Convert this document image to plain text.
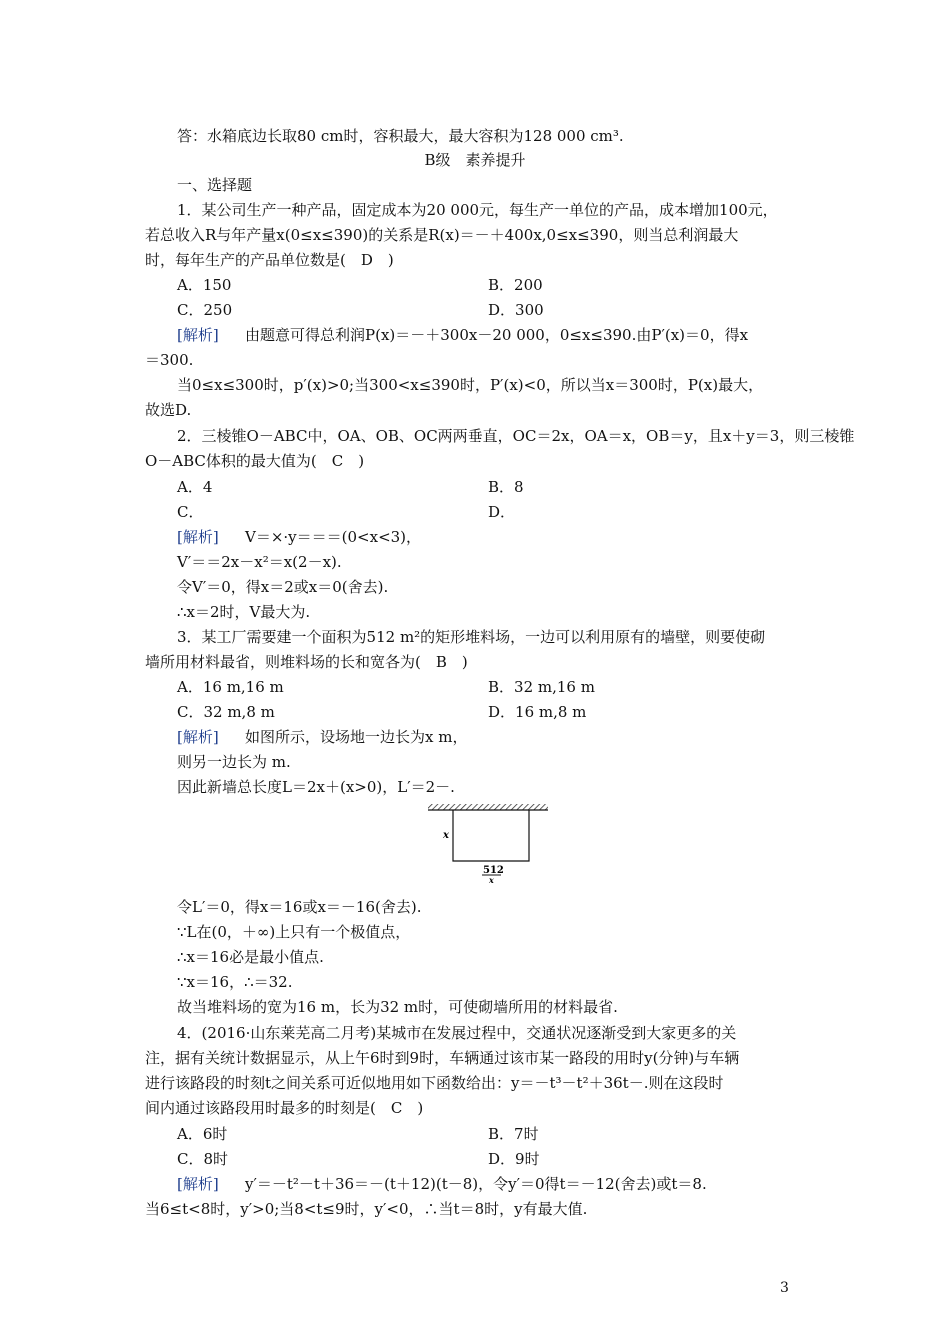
答：水箱底边长取80 cm时，容积最大，最大容积为128 000 cm³.
B级　素养提升
一、选择题
1．某公司生产一种产品，固定成本为20 000元，每生产一单位的产品，成本增加100元，
若总收入R与年产量x(0≤x≤390)的关系是R(x)＝－＋400x,0≤x≤390，则当总利润最大
时，每年生产的产品单位数是(　D　)
A．150	B．200
C．250	D．300
[解析] 由题意可得总利润P(x)＝－＋300x－20 000，0≤x≤390.由P′(x)＝0，得x
＝300.
当0≤x≤300时，p′(x)>0;当300<x≤390时，P′(x)<0，所以当x＝300时，P(x)最大，
故选D.
2．三棱锥O－ABC中，OA、OB、OC两两垂直，OC＝2x，OA＝x，OB＝y，且x＋y＝3，则三棱锥
O－ABC体积的最大值为(　C　)
A．4	B．8
C．	D．
[解析] V＝×·y＝＝＝(0<x<3)，
V′＝＝2x－x²＝x(2－x).
令V′＝0，得x＝2或x＝0(舍去).
∴x＝2时，V最大为.
3．某工厂需要建一个面积为512 m²的矩形堆料场，一边可以利用原有的墙壁，则要使砌
墙所用材料最省，则堆料场的长和宽各为(　B　)
A．16 m,16 m	B．32 m,16 m
C．32 m,8 m	D．16 m,8 m
[解析] 如图所示，设场地一边长为x m，
则另一边长为 m.
因此新墙总长度L＝2x＋(x>0)，L′＝2－.
x
512
x
令L′＝0，得x＝16或x＝－16(舍去).
∵L在(0，＋∞)上只有一个极值点，
∴x＝16必是最小值点.
∵x＝16，∴＝32.
故当堆料场的宽为16 m，长为32 m时，可使砌墙所用的材料最省.
4．(2016·山东莱芜高二月考)某城市在发展过程中，交通状况逐渐受到大家更多的关
注，据有关统计数据显示，从上午6时到9时，车辆通过该市某一路段的用时y(分钟)与车辆
进行该路段的时刻t之间关系可近似地用如下函数给出：y＝－t³－t²＋36t－.则在这段时
间内通过该路段用时最多的时刻是(　C　)
A．6时	B．7时
C．8时	D．9时
[解析] y′＝－t²－t＋36＝－(t＋12)(t－8)，令y′＝0得t＝－12(舍去)或t＝8.
当6≤t<8时，y′>0;当8<t≤9时，y′<0，∴当t＝8时，y有最大值.
3
